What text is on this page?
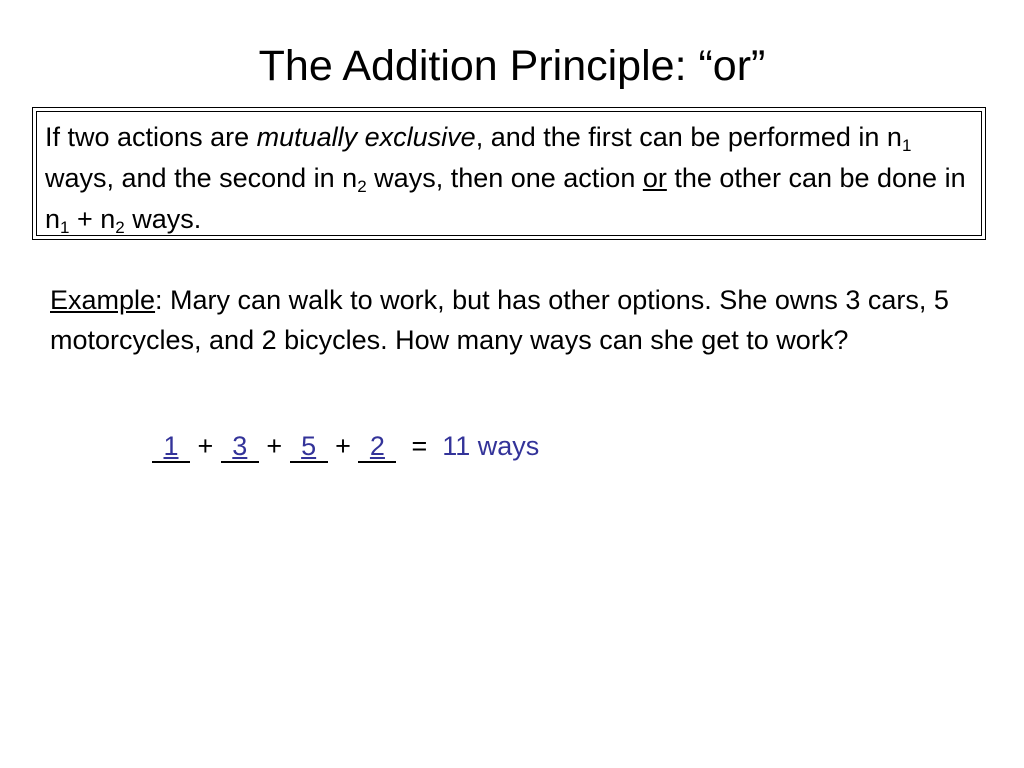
The Addition Principle: “or”

If two actions are mutually exclusive, and the first can be performed in $n_1$ ways, and the second in $n_2$ ways, then one action or the other can be done in $n_1 + n_2$ ways.

Example: Mary can walk to work, but has other options. She owns 3 cars, 5 motorcycles, and 2 bicycles. How many ways can she get to work?

1 + 3 + 5 + 2 = 11 ways
